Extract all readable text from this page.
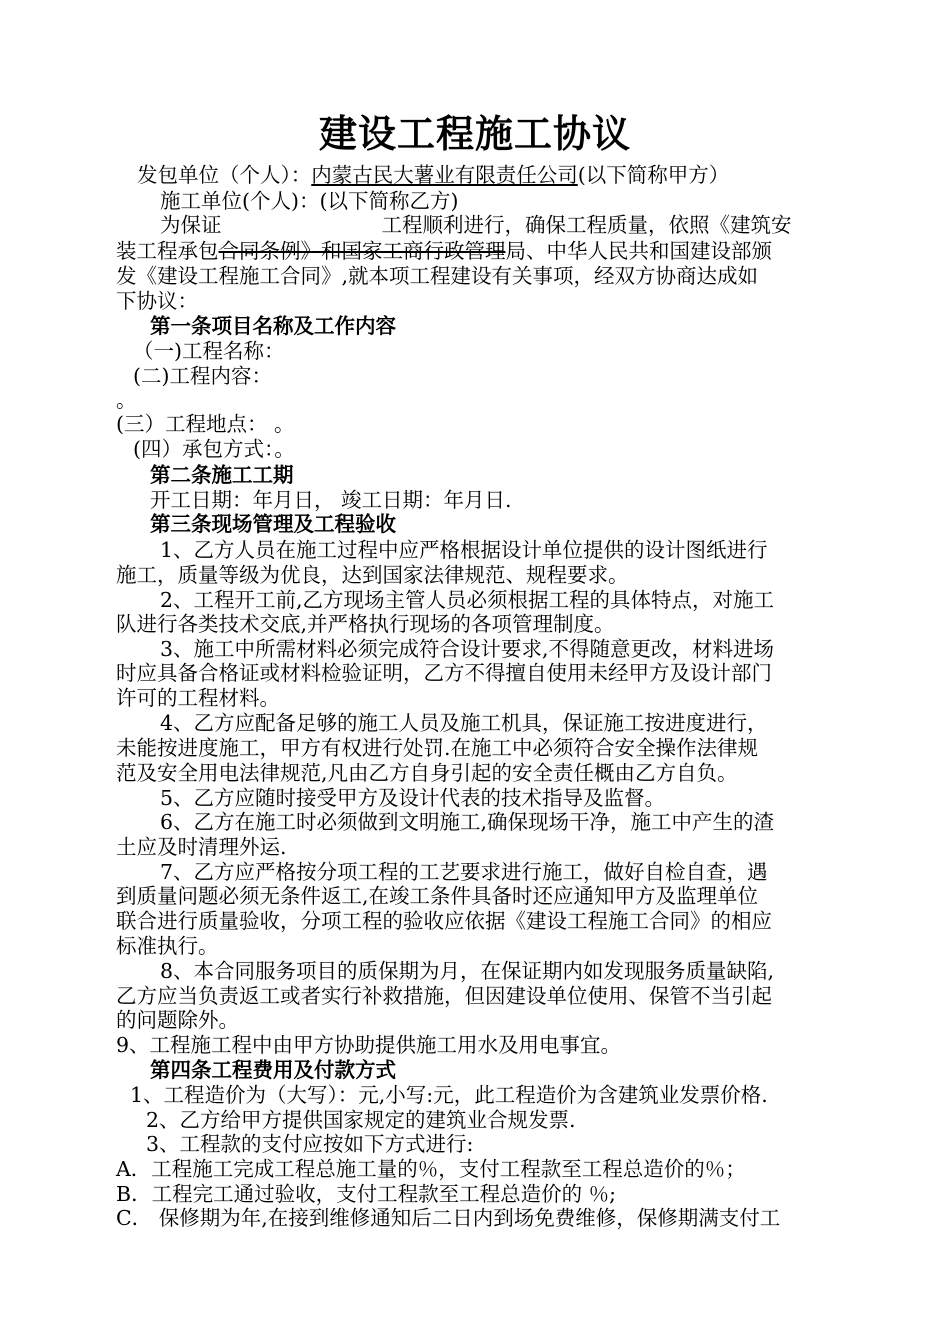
建设工程施工协议
发包单位（个人）：内蒙古民大薯业有限责任公司(以下简称甲方）
施工单位(个人)：(以下简称乙方)
为保证	工程顺利进行，确保工程质量，依照《建筑安
装工程承包合同条例》和国家工商行政管理局、中华人民共和国建设部颁
发《建设工程施工合同》,就本项工程建设有关事项，经双方协商达成如
下协议：
第一条项目名称及工作内容
（一)工程名称：
(二)工程内容：
。
(三）工程地点： 。
(四）承包方式：。
第二条施工工期
开工日期：年月日， 竣工日期：年月日.
第三条现场管理及工程验收
1、乙方人员在施工过程中应严格根据设计单位提供的设计图纸进行
施工，质量等级为优良，达到国家法律规范、规程要求。
2、工程开工前,乙方现场主管人员必须根据工程的具体特点，对施工
队进行各类技术交底,并严格执行现场的各项管理制度。
3、施工中所需材料必须完成符合设计要求,不得随意更改，材料进场
时应具备合格证或材料检验证明，乙方不得擅自使用未经甲方及设计部门
许可的工程材料。
4、乙方应配备足够的施工人员及施工机具，保证施工按进度进行，
未能按进度施工，甲方有权进行处罚.在施工中必须符合安全操作法律规
范及安全用电法律规范,凡由乙方自身引起的安全责任概由乙方自负。
5、乙方应随时接受甲方及设计代表的技术指导及监督。
6、乙方在施工时必须做到文明施工,确保现场干净，施工中产生的渣
土应及时清理外运.
7、乙方应严格按分项工程的工艺要求进行施工，做好自检自查，遇
到质量问题必须无条件返工,在竣工条件具备时还应通知甲方及监理单位
联合进行质量验收，分项工程的验收应依据《建设工程施工合同》的相应
标准执行。
8、本合同服务项目的质保期为月，在保证期内如发现服务质量缺陷,
乙方应当负责返工或者实行补救措施，但因建设单位使用、保管不当引起
的问题除外。
9、工程施工程中由甲方协助提供施工用水及用电事宜。
第四条工程费用及付款方式
1、工程造价为（大写）：元,小写:元，此工程造价为含建筑业发票价格.
2、乙方给甲方提供国家规定的建筑业合规发票.
3、工程款的支付应按如下方式进行:
A．工程施工完成工程总施工量的％，支付工程款至工程总造价的％；
B．工程完工通过验收，支付工程款至工程总造价的 ％;
C． 保修期为年,在接到维修通知后二日内到场免费维修，保修期满支付工
